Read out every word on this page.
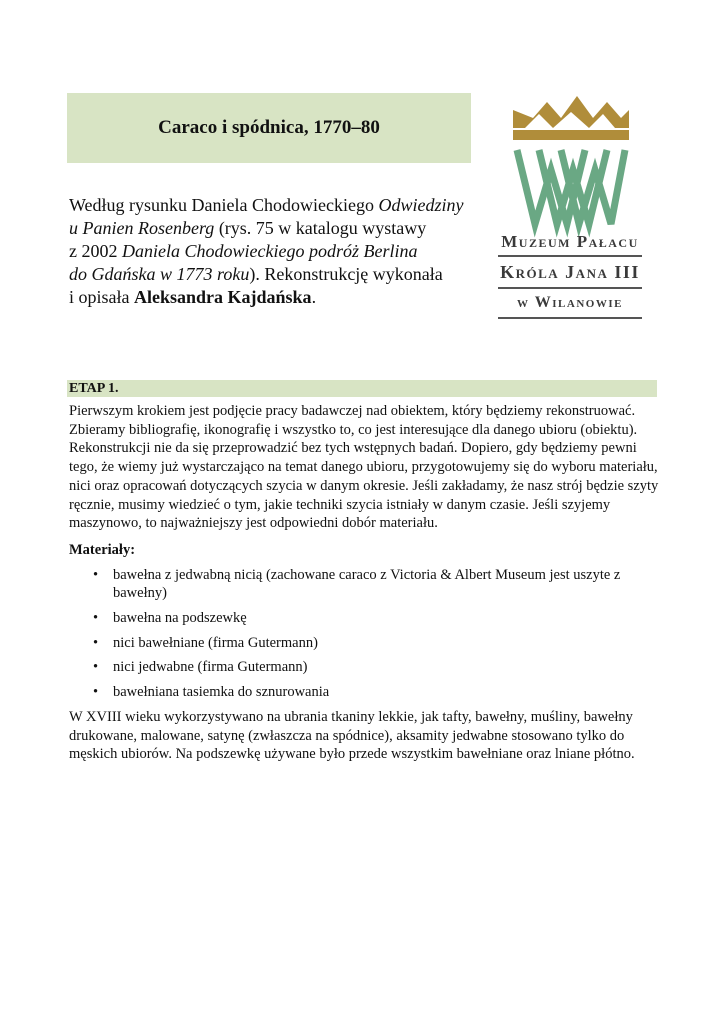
Caraco i spódnica, 1770–80
Według rysunku Daniela Chodowieckiego Odwiedziny
u Panien Rosenberg (rys. 75 w katalogu wystawy
z 2002 Daniela Chodowieckiego podróż Berlina
do Gdańska w 1773 roku). Rekonstrukcję wykonała
i opisała Aleksandra Kajdańska.
Muzeum Pałacu
Króla Jana III
w Wilanowie
ETAP 1.

Pierwszym krokiem jest podjęcie pracy badawczej nad obiektem, który będziemy rekonstruować. Zbieramy bibliografię, ikonografię i wszystko to, co jest interesujące dla danego ubioru (obiektu). Rekonstrukcji nie da się przeprowadzić bez tych wstępnych badań. Dopiero, gdy będziemy pewni tego, że wiemy już wystarczająco na temat danego ubioru, przygotowujemy się do wyboru materiału, nici oraz opracowań dotyczących szycia w danym okresie. Jeśli zakładamy, że nasz strój będzie szyty ręcznie, musimy wiedzieć o tym, jakie techniki szycia istniały w danym czasie. Jeśli szyjemy maszynowo, to najważniejszy jest odpowiedni dobór materiału.

Materiały:

• bawełna z jedwabną nicią (zachowane caraco z Victoria & Albert Museum jest uszyte z bawełny)
• bawełna na podszewkę
• nici bawełniane (firma Gutermann)
• nici jedwabne (firma Gutermann)
• bawełniana tasiemka do sznurowania

W XVIII wieku wykorzystywano na ubrania tkaniny lekkie, jak tafty, bawełny, muśliny, bawełny drukowane, malowane, satynę (zwłaszcza na spódnice), aksamity jedwabne stosowano tylko do męskich ubiorów. Na podszewkę używane było przede wszystkim bawełniane oraz lniane płótno.
